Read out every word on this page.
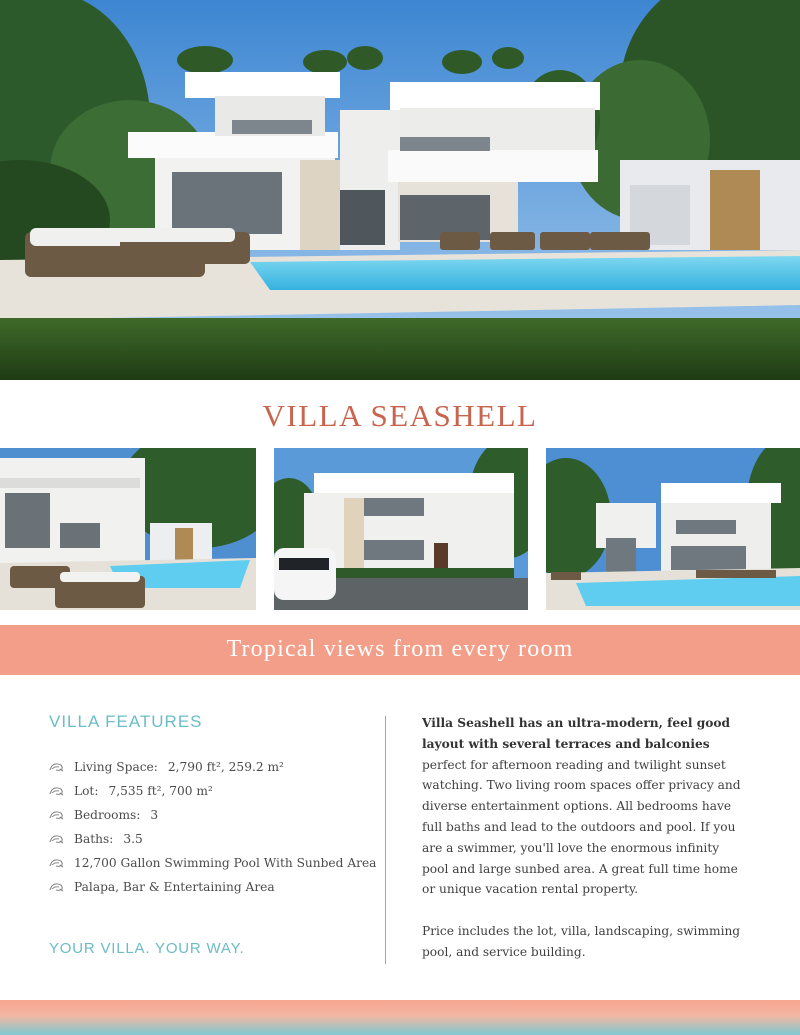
VILLA SEASHELL
Tropical views from every room
VILLA FEATURES
Living Space: 2,790 ft², 259.2 m²
Lot: 7,535 ft², 700 m²
Bedrooms: 3
Baths: 3.5
12,700 Gallon Swimming Pool With Sunbed Area
Palapa, Bar & Entertaining Area
YOUR VILLA. YOUR WAY.

Villa Seashell has an ultra-modern, feel good layout with several terraces and balconies perfect for afternoon reading and twilight sunset watching. Two living room spaces offer privacy and diverse entertainment options. All bedrooms have full baths and lead to the outdoors and pool. If you are a swimmer, you'll love the enormous infinity pool and large sunbed area. A great full time home or unique vacation rental property.

Price includes the lot, villa, landscaping, swimming pool, and service building.
